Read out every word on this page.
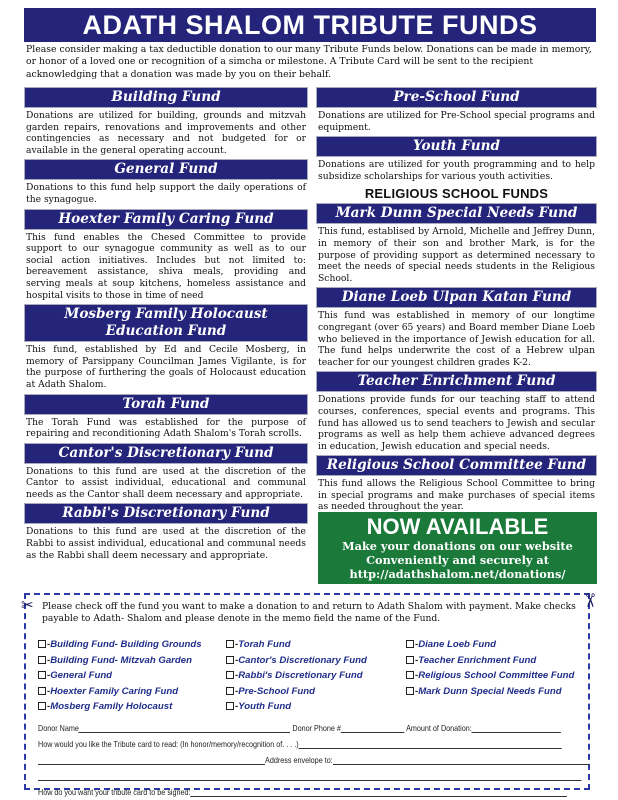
ADATH SHALOM TRIBUTE FUNDS
Please consider making a tax deductible donation to our many Tribute Funds below. Donations can be made in memory, or honor of a loved one or recognition of a simcha or milestone. A Tribute Card will be sent to the recipient acknowledging that a donation was made by you on their behalf.
Building Fund
Donations are utilized for building, grounds and mitzvah garden repairs, renovations and improvements and other contingencies as necessary and not budgeted for or available in the general operating account.
General Fund
Donations to this fund help support the daily operations of the synagogue.
Hoexter Family Caring Fund
This fund enables the Chesed Committee to provide support to our synagogue community as well as to our social action initiatives. Includes but not limited to: bereavement assistance, shiva meals, providing and serving meals at soup kitchens, homeless assistance and hospital visits to those in time of need
Mosberg Family Holocaust Education Fund
This fund, established by Ed and Cecile Mosberg, in memory of Parsippany Councilman James Vigilante, is for the purpose of furthering the goals of Holocaust education at Adath Shalom.
Torah Fund
The Torah Fund was established for the purpose of repairing and reconditioning Adath Shalom's Torah scrolls.
Cantor's Discretionary Fund
Donations to this fund are used at the discretion of the Cantor to assist individual, educational and communal needs as the Cantor shall deem necessary and appropriate.
Rabbi's Discretionary Fund
Donations to this fund are used at the discretion of the Rabbi to assist individual, educational and communal needs as the Rabbi shall deem necessary and appropriate.
Pre-School Fund
Donations are utilized for Pre-School special programs and equipment.
Youth Fund
Donations are utilized for youth programming and to help subsidize scholarships for various youth activities.
RELIGIOUS SCHOOL FUNDS
Mark Dunn Special Needs Fund
This fund, establised by Arnold, Michelle and Jeffrey Dunn, in memory of their son and brother Mark, is for the purpose of providing support as determined necessary to meet the needs of special needs students in the Religious School.
Diane Loeb Ulpan Katan Fund
This fund was established in memory of our longtime congregant (over 65 years) and Board member Diane Loeb who believed in the importance of Jewish education for all. The fund helps underwrite the cost of a Hebrew ulpan teacher for our youngest children grades K-2.
Teacher Enrichment Fund
Donations provide funds for our teaching staff to attend courses, conferences, special events and programs. This fund has allowed us to send teachers to Jewish and secular programs as well as help them achieve advanced degrees in education, Jewish education and special needs.
Religious School Committee Fund
This fund allows the Religious School Committee to bring in special programs and make purchases of special items as needed throughout the year.
NOW AVAILABLE
Make your donations on our website
Conveniently and securely at
http://adathshalom.net/donations/
✂	✂
Please check off the fund you want to make a donation to and return to Adath Shalom with payment. Make checks payable to Adath- Shalom and please denote in the memo field the name of the Fund.
-Building Fund- Building Grounds
-Building Fund- Mitzvah Garden
-General Fund
-Hoexter Family Caring Fund
-Mosberg Family Holocaust
-Torah Fund
-Cantor's Discretionary Fund
-Rabbi's Discretionary Fund
-Pre-School Fund
-Youth Fund
-Diane Loeb Fund
-Teacher Enrichment Fund
-Religious School Committee Fund
-Mark Dunn Special Needs Fund
Donor Name	Donor Phone #	Amount of Donation:
How would you like the Tribute card to read: (In honor/memory/recognition of. . . .)
Address envelope to:
How do you want your tribute card to be signed:
